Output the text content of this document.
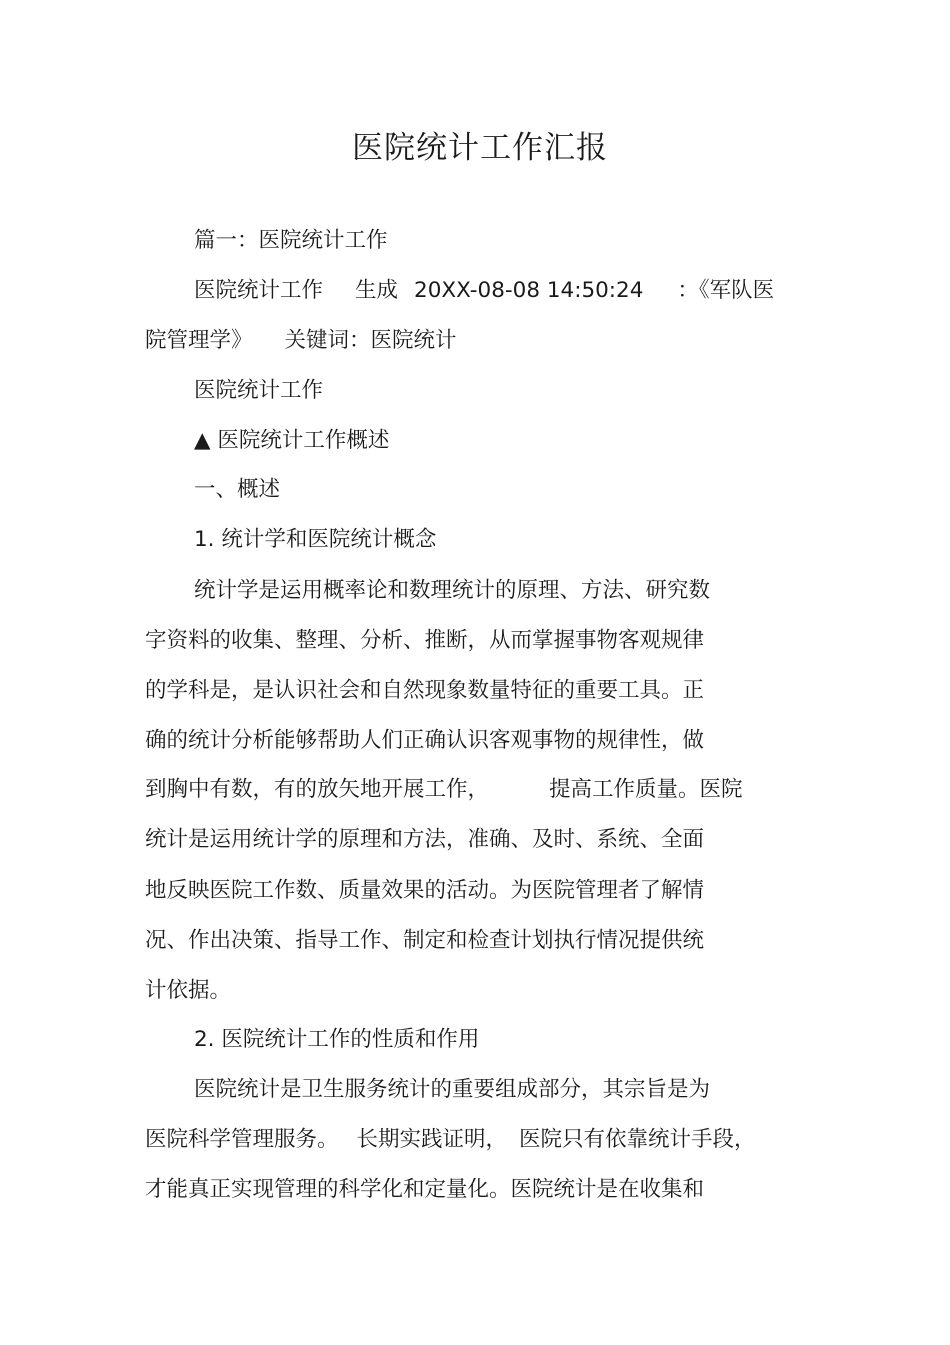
医院统计工作汇报

篇一：医院统计工作

医院统计工作 生成 20XX-08-08 14:50:24 ：《军队医

院管理学》 关键词：医院统计

医院统计工作

▲ 医院统计工作概述

一、概述

1. 统计学和医院统计概念

统计学是运用概率论和数理统计的原理、方法、研究数

字资料的收集、整理、分析、推断，从而掌握事物客观规律

的学科是，是认识社会和自然现象数量特征的重要工具。正

确的统计分析能够帮助人们正确认识客观事物的规律性，做

到胸中有数，有的放矢地开展工作，	提高工作质量。医院

统计是运用统计学的原理和方法，准确、及时、系统、全面

地反映医院工作数、质量效果的活动。为医院管理者了解情

况、作出决策、指导工作、制定和检查计划执行情况提供统

计依据。

2. 医院统计工作的性质和作用

医院统计是卫生服务统计的重要组成部分，其宗旨是为

医院科学管理服务。 长期实践证明， 医院只有依靠统计手段，

才能真正实现管理的科学化和定量化。医院统计是在收集和
